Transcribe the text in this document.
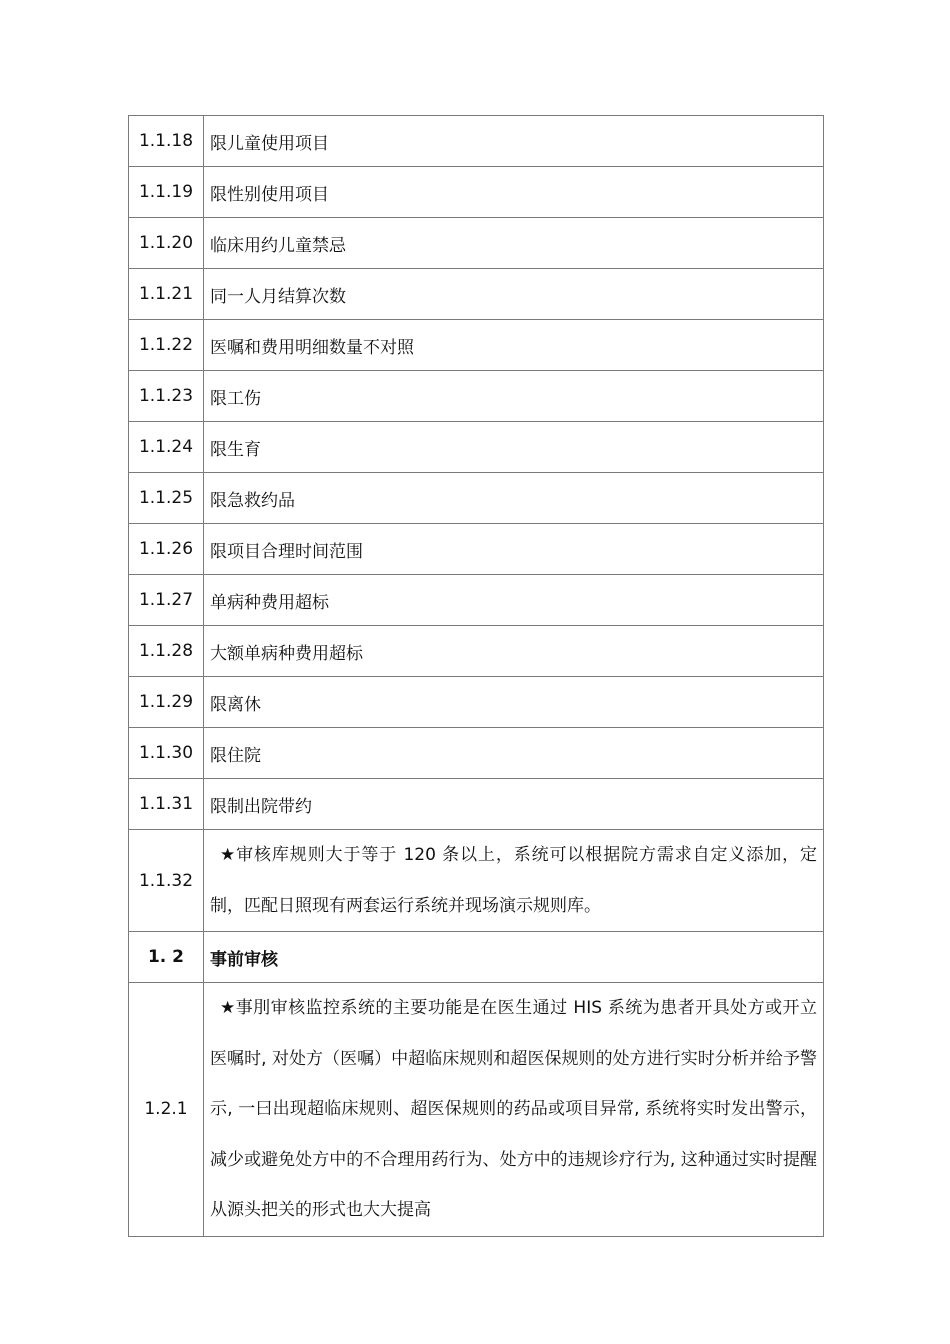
1.1.18	限儿童使用项目
1.1.19	限性别使用项目
1.1.20	临床用约儿童禁忌
1.1.21	同一人月结算次数
1.1.22	医嘱和费用明细数量不对照
1.1.23	限工伤
1.1.24	限生育
1.1.25	限急救约品
1.1.26	限项目合理时间范围
1.1.27	单病种费用超标
1.1.28	大额单病种费用超标
1.1.29	限离休
1.1.30	限住院
1.1.31	限制出院带约
1.1.32	★审核库规则大于等于 120 条以上，系统可以根据院方需求自定义添加，定制，匹配日照现有两套运行系统并现场演示规则库。
1. 2	事前审核
1.2.1	★事刖审核监控系统的主要功能是在医生通过 HIS 系统为患者开具处方或开立医嘱时, 对处方（医嘱）中超临床规则和超医保规则的处方进行实时分析并给予警示, 一曰出现超临床规则、超医保规则的药品或项目异常, 系统将实时发出警示，减少或避免处方中的不合理用药行为、处方中的违规诊疗行为, 这种通过实时提醒从源头把关的形式也大大提高
